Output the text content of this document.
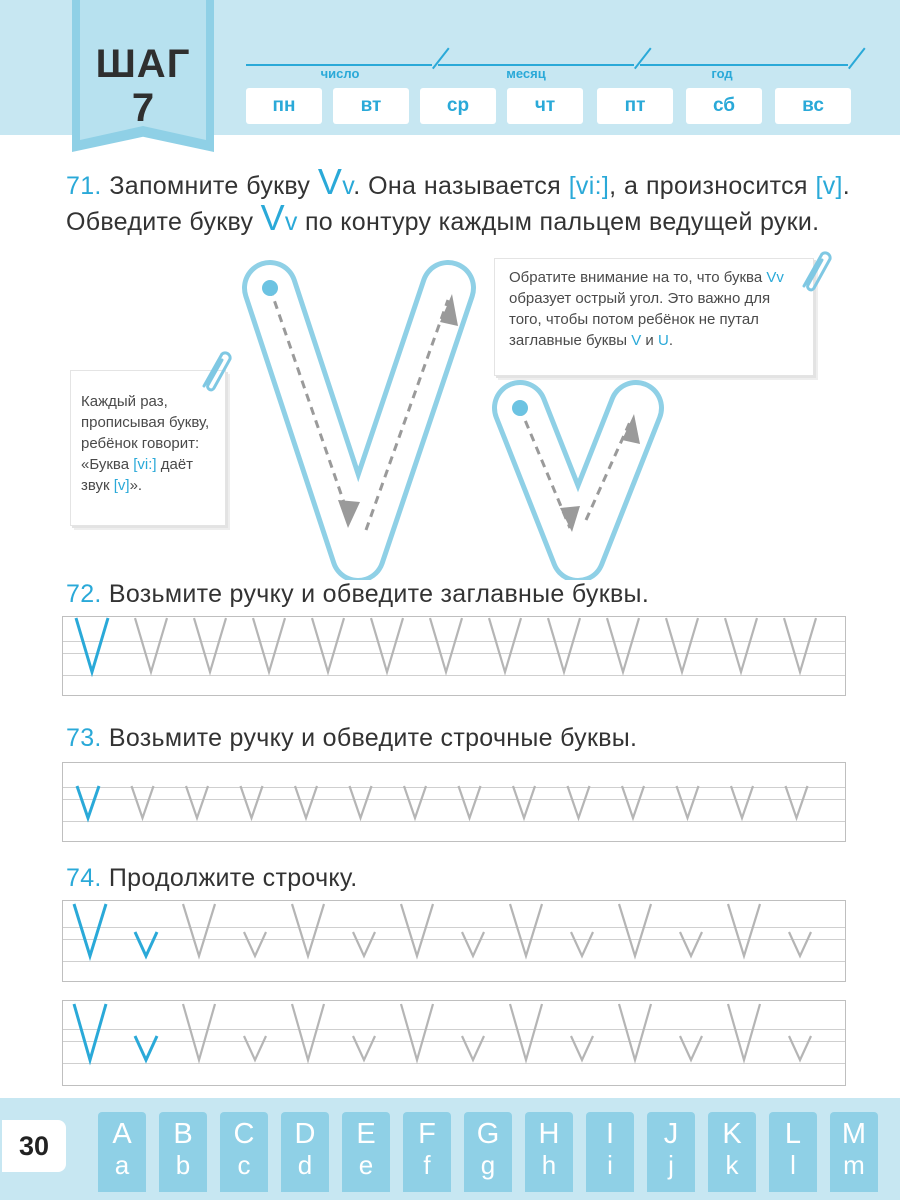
ШАГ
7
число	месяц	год
пн	вт	ср	чт	пт	сб	вс
71. Запомните букву Vv. Она называется [vi:], а произносится [v]. Обведите букву Vv по контуру каждым пальцем ведущей руки.
Обратите внимание на то, что буква Vv образует острый угол. Это важно для того, чтобы потом ребёнок не путал заглавные буквы V и U.
Каждый раз, прописывая букву, ребёнок говорит: «Буква [vi:] даёт звук [v]».
72. Возьмите ручку и обведите заглавные буквы.
73. Возьмите ручку и обведите строчные буквы.
74. Продолжите строчку.
30	A
a
B
b
C
c
D
d
E
e
F
f
G
g
H
h
I
i
J
j
K
k
L
l
M
m
